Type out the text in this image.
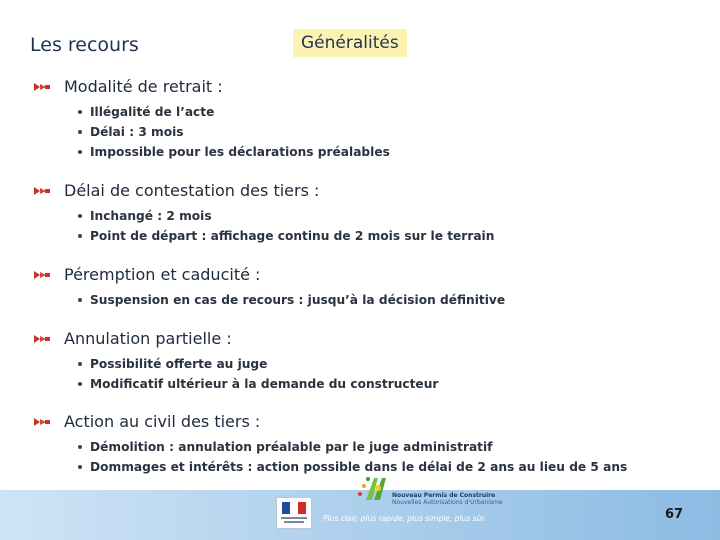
Les recours	Généralités
Modalité de retrait :
Illégalité de l’acte
Délai : 3 mois
Impossible pour les déclarations préalables
Délai de contestation des tiers :
Inchangé : 2 mois
Point de départ : affichage continu de 2 mois sur le terrain
Péremption et caducité :
Suspension en cas de recours : jusqu’à la décision définitive
Annulation partielle :
Possibilité offerte au juge
Modificatif ultérieur à la demande du constructeur
Action au civil des tiers :
Démolition : annulation préalable par le juge administratif
Dommages et intérêts : action possible dans le délai de 2 ans au lieu de 5 ans
Nouveau Permis de Construire
Nouvelles Autorisations d'Urbanisme
Plus clair, plus rapide, plus simple, plus sûr.	67
